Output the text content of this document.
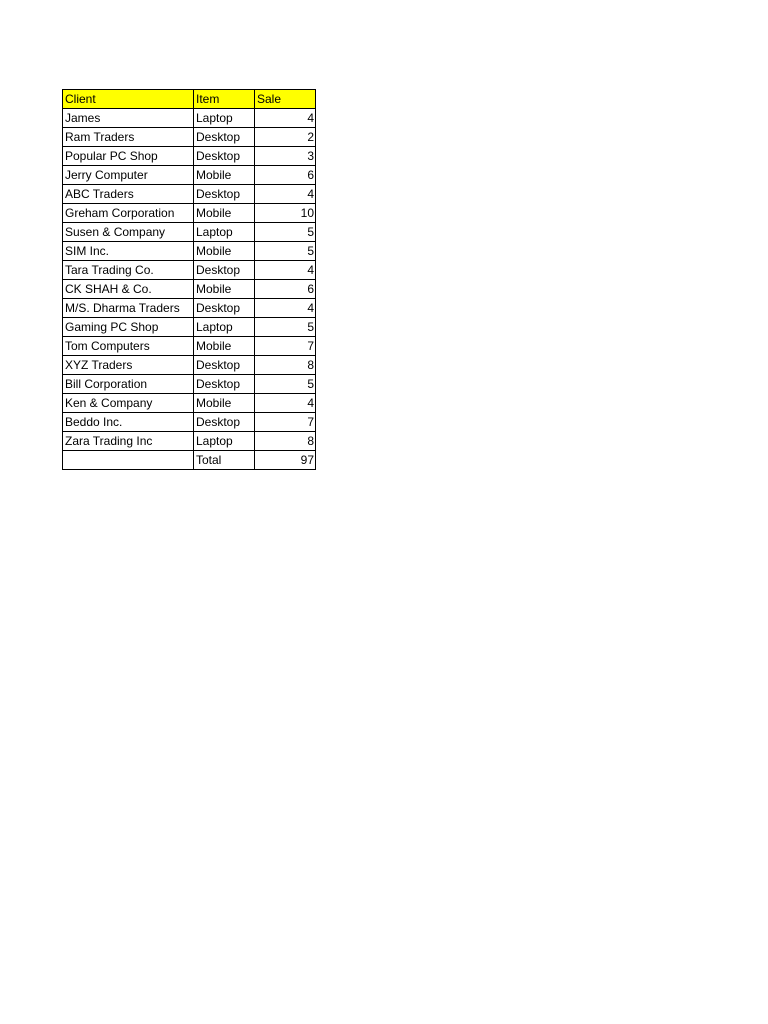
Client	Item	Sale
James	Laptop	4
Ram Traders	Desktop	2
Popular PC Shop	Desktop	3
Jerry Computer	Mobile	6
ABC Traders	Desktop	4
Greham Corporation	Mobile	10
Susen & Company	Laptop	5
SIM Inc.	Mobile	5
Tara Trading Co.	Desktop	4
CK SHAH & Co.	Mobile	6
M/S. Dharma Traders	Desktop	4
Gaming PC Shop	Laptop	5
Tom Computers	Mobile	7
XYZ Traders	Desktop	8
Bill Corporation	Desktop	5
Ken & Company	Mobile	4
Beddo Inc.	Desktop	7
Zara Trading Inc	Laptop	8
	Total	97
